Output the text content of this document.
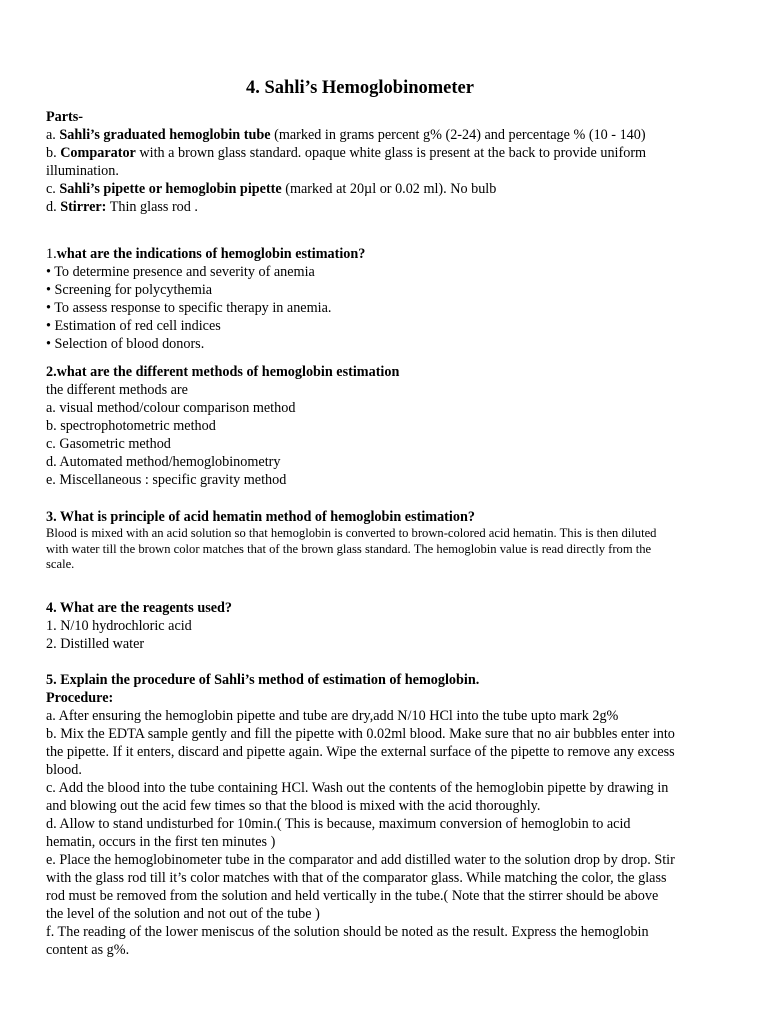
4. Sahli’s Hemoglobinometer
Parts-
a. Sahli’s graduated hemoglobin tube (marked in grams percent g% (2-24) and percentage % (10 - 140)
b. Comparator with a brown glass standard. opaque white glass is present at the back to provide uniform illumination.
c. Sahli’s pipette or hemoglobin pipette (marked at 20µl or 0.02 ml). No bulb
d. Stirrer: Thin glass rod .
1.what are the indications of hemoglobin estimation?
• To determine presence and severity of anemia
• Screening for polycythemia
• To assess response to specific therapy in anemia.
• Estimation of red cell indices
• Selection of blood donors.
2.what are the different methods of hemoglobin estimation
the different methods are
a. visual method/colour comparison method
b. spectrophotometric method
c. Gasometric method
d. Automated method/hemoglobinometry
e. Miscellaneous : specific gravity method
3. What is principle of acid hematin method of hemoglobin estimation?
Blood is mixed with an acid solution so that hemoglobin is converted to brown-colored acid hematin. This is then diluted with water till the brown color matches that of the brown glass standard. The hemoglobin value is read directly from the scale.
4. What are the reagents used?
1. N/10 hydrochloric acid
2. Distilled water
5. Explain the procedure of Sahli’s method of estimation of hemoglobin.
Procedure:
a. After ensuring the hemoglobin pipette and tube are dry,add N/10 HCl into the tube upto mark 2g%
b. Mix the EDTA sample gently and fill the pipette with 0.02ml blood. Make sure that no air bubbles enter into the pipette. If it enters, discard and pipette again. Wipe the external surface of the pipette to remove any excess blood.
c. Add the blood into the tube containing HCl. Wash out the contents of the hemoglobin pipette by drawing in and blowing out the acid few times so that the blood is mixed with the acid thoroughly.
d. Allow to stand undisturbed for 10min.( This is because, maximum conversion of hemoglobin to acid hematin, occurs in the first ten minutes )
e. Place the hemoglobinometer tube in the comparator and add distilled water to the solution drop by drop. Stir with the glass rod till it’s color matches with that of the comparator glass. While matching the color, the glass rod must be removed from the solution and held vertically in the tube.( Note that the stirrer should be above the level of the solution and not out of the tube )
f. The reading of the lower meniscus of the solution should be noted as the result. Express the hemoglobin content as g%.
